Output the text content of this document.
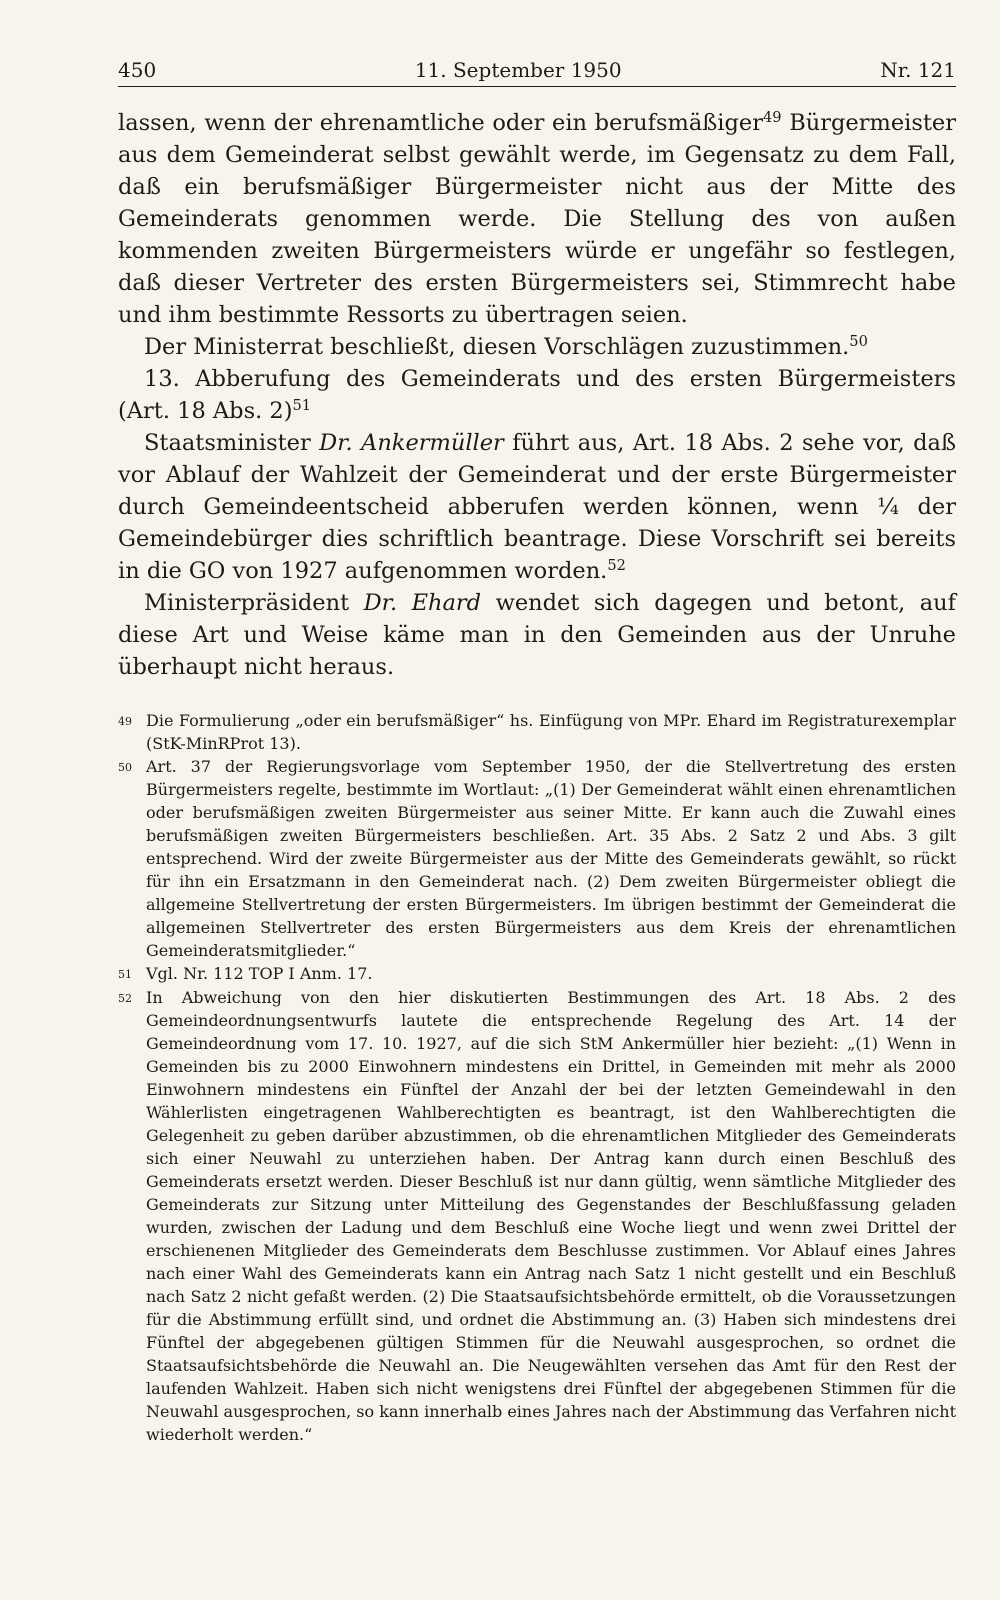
450	11. September 1950	Nr. 121

lassen, wenn der ehrenamtliche oder ein berufsmäßiger$^{49}$ Bürgermeister aus dem Gemeinderat selbst gewählt werde, im Gegensatz zu dem Fall, daß ein berufsmäßiger Bürgermeister nicht aus der Mitte des Gemeinderats genommen werde. Die Stellung des von außen kommenden zweiten Bürgermeisters würde er ungefähr so festlegen, daß dieser Vertreter des ersten Bürgermeisters sei, Stimmrecht habe und ihm bestimmte Ressorts zu übertragen seien.

Der Ministerrat beschließt, diesen Vorschlägen zuzustimmen.$^{50}$

13. Abberufung des Gemeinderats und des ersten Bürgermeisters (Art. 18 Abs. 2)$^{51}$

Staatsminister Dr. Ankermüller führt aus, Art. 18 Abs. 2 sehe vor, daß vor Ablauf der Wahlzeit der Gemeinderat und der erste Bürgermeister durch Gemeindeentscheid abberufen werden können, wenn ¼ der Gemeindebürger dies schriftlich beantrage. Diese Vorschrift sei bereits in die GO von 1927 aufgenommen worden.$^{52}$

Ministerpräsident Dr. Ehard wendet sich dagegen und betont, auf diese Art und Weise käme man in den Gemeinden aus der Unruhe überhaupt nicht heraus.

49 Die Formulierung „oder ein berufsmäßiger“ hs. Einfügung von MPr. Ehard im Registraturexemplar (StK-MinRProt 13).
50 Art. 37 der Regierungsvorlage vom September 1950, der die Stellvertretung des ersten Bürgermeisters regelte, bestimmte im Wortlaut: „(1) Der Gemeinderat wählt einen ehrenamtlichen oder berufsmäßigen zweiten Bürgermeister aus seiner Mitte. Er kann auch die Zuwahl eines berufsmäßigen zweiten Bürgermeisters beschließen. Art. 35 Abs. 2 Satz 2 und Abs. 3 gilt entsprechend. Wird der zweite Bürgermeister aus der Mitte des Gemeinderats gewählt, so rückt für ihn ein Ersatzmann in den Gemeinderat nach. (2) Dem zweiten Bürgermeister obliegt die allgemeine Stellvertretung der ersten Bürgermeisters. Im übrigen bestimmt der Gemeinderat die allgemeinen Stellvertreter des ersten Bürgermeisters aus dem Kreis der ehrenamtlichen Gemeinderatsmitglieder.“
51 Vgl. Nr. 112 TOP I Anm. 17.
52 In Abweichung von den hier diskutierten Bestimmungen des Art. 18 Abs. 2 des Gemeindeordnungsentwurfs lautete die entsprechende Regelung des Art. 14 der Gemeindeordnung vom 17. 10. 1927, auf die sich StM Ankermüller hier bezieht: „(1) Wenn in Gemeinden bis zu 2000 Einwohnern mindestens ein Drittel, in Gemeinden mit mehr als 2000 Einwohnern mindestens ein Fünftel der Anzahl der bei der letzten Gemeindewahl in den Wählerlisten eingetragenen Wahlberechtigten es beantragt, ist den Wahlberechtigten die Gelegenheit zu geben darüber abzustimmen, ob die ehrenamtlichen Mitglieder des Gemeinderats sich einer Neuwahl zu unterziehen haben. Der Antrag kann durch einen Beschluß des Gemeinderats ersetzt werden. Dieser Beschluß ist nur dann gültig, wenn sämtliche Mitglieder des Gemeinderats zur Sitzung unter Mitteilung des Gegenstandes der Beschlußfassung geladen wurden, zwischen der Ladung und dem Beschluß eine Woche liegt und wenn zwei Drittel der erschienenen Mitglieder des Gemeinderats dem Beschlusse zustimmen. Vor Ablauf eines Jahres nach einer Wahl des Gemeinderats kann ein Antrag nach Satz 1 nicht gestellt und ein Beschluß nach Satz 2 nicht gefaßt werden. (2) Die Staatsaufsichtsbehörde ermittelt, ob die Voraussetzungen für die Abstimmung erfüllt sind, und ordnet die Abstimmung an. (3) Haben sich mindestens drei Fünftel der abgegebenen gültigen Stimmen für die Neuwahl ausgesprochen, so ordnet die Staatsaufsichtsbehörde die Neuwahl an. Die Neugewählten versehen das Amt für den Rest der laufenden Wahlzeit. Haben sich nicht wenigstens drei Fünftel der abgegebenen Stimmen für die Neuwahl ausgesprochen, so kann innerhalb eines Jahres nach der Abstimmung das Verfahren nicht wiederholt werden.“
